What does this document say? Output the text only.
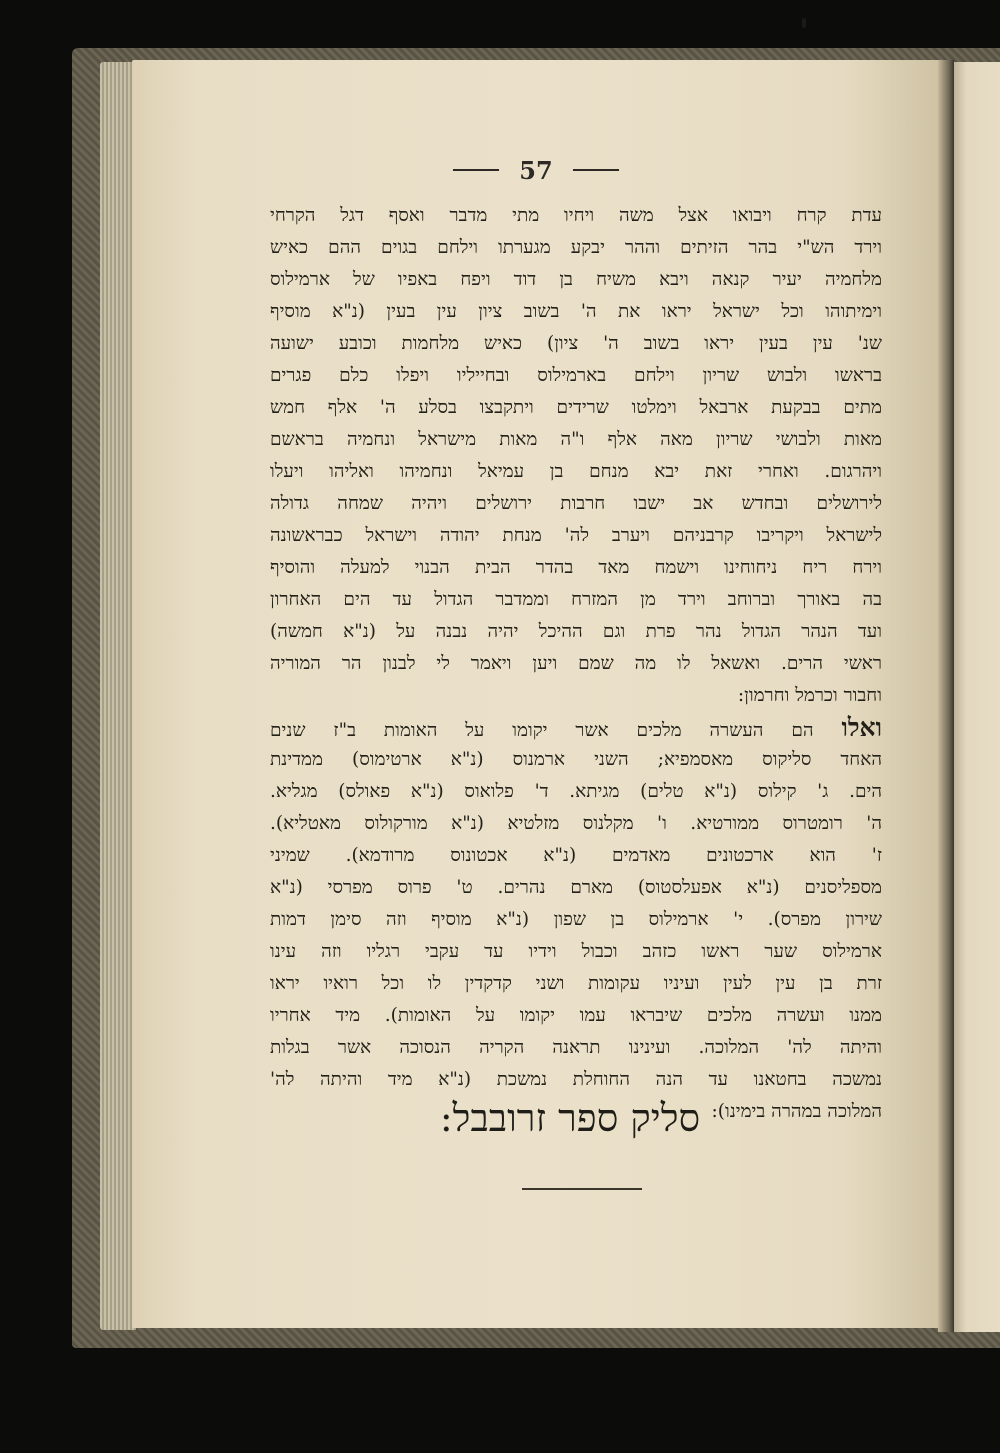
57
עדת קרח ויבואו אצל משה ויחיו מתי מדבר ואסף דגל הקרחי
וירד הש"י בהר הזיתים וההר יבקע מגערתו וילחם בגוים ההם כאיש
מלחמיה יעיר קנאה ויבא משיח בן דוד ויפח באפיו של ארמילוס
וימיתוהו וכל ישראל יראו את ה' בשוב ציון עין בעין (נ"א מוסיף
שנ' עין בעין יראו בשוב ה' ציון) כאיש מלחמות וכובע ישועה
בראשו ולבוש שריון וילחם בארמילוס ובחייליו ויפלו כלם פגרים
מתים בבקעת ארבאל וימלטו שרידים ויתקבצו בסלע ה' אלף חמש
מאות ולבושי שריון מאה אלף ו"ה מאות מישראל ונחמיה בראשם
ויהרגום. ואחרי זאת יבא מנחם בן עמיאל ונחמיהו ואליהו ויעלו
לירושלים ובחדש אב ישבו חרבות ירושלים ויהיה שמחה גדולה
לישראל ויקריבו קרבניהם ויערב לה' מנחת יהודה וישראל כבראשונה
וירח ריח ניחוחינו וישמח מאד בהדר הבית הבנוי למעלה והוסיף
בה באורך וברוחב וירד מן המזרח וממדבר הגדול עד הים האחרון
ועד הנהר הגדול נהר פרת וגם ההיכל יהיה נבנה על (נ"א חמשה)
ראשי הרים. ואשאל לו מה שמם ויען ויאמר לי לבנון הר המוריה
וחבור וכרמל וחרמון:
ואלו הם העשרה מלכים אשר יקומו על האומות ב"ז שנים
האחד סליקוס מאסמפיא; השני ארמנוס (נ"א ארטימוס) ממדינת
הים. ג' קילוס (נ"א טלים) מגיתא. ד' פלואוס (נ"א פאולס) מגליא.
ה' רומטרוס ממורטיא. ו' מקלנוס מזלטיא (נ"א מורקולוס מאטליא).
ז' הוא ארכטונים מאדמים (נ"א אכטונוס מרודמא). שמיני
מספליסנים (נ"א אפעלסטוס) מארם נהרים. ט' פרוס מפרסי (נ"א
שירון מפרס). י' ארמילוס בן שפון (נ"א מוסיף וזה סימן דמות
ארמילוס שער ראשו כזהב וכבול וידיו עד עקבי רגליו וזה עינו
זרת בן עין לעין ועיניו עקומות ושני קדקדין לו וכל רואיו יראו
ממנו ועשרה מלכים שיבראו עמו יקומו על האומות). מיד אחריו
והיתה לה' המלוכה. ועינינו תראנה הקריה הנסוכה אשר בגלות
נמשכה בחטאנו עד הנה החוחלת נמשכת (נ"א מיד והיתה לה'
המלוכה במהרה בימינו):
סליק ספר זרובבל:
